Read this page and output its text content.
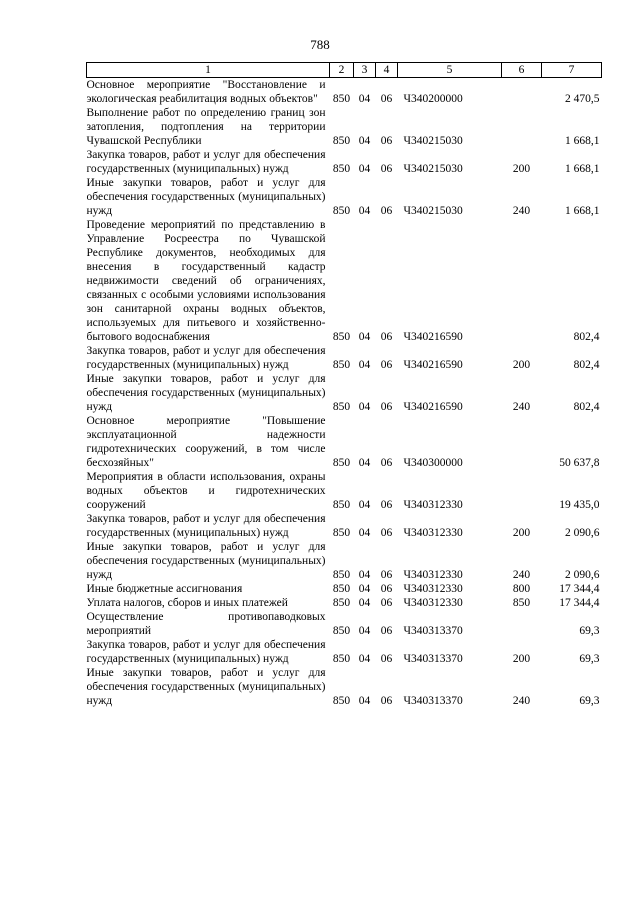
788
1	2	3	4	5	6	7
Основное мероприятие "Восстановление и экологическая реабилитация водных объектов"	850	04	06	Ч340200000		2 470,5
Выполнение работ по определению границ зон затопления, подтопления на территории Чувашской Республики	850	04	06	Ч340215030		1 668,1
Закупка товаров, работ и услуг для обеспечения государственных (муниципальных) нужд	850	04	06	Ч340215030	200	1 668,1
Иные закупки товаров, работ и услуг для обеспечения государственных (муниципальных) нужд	850	04	06	Ч340215030	240	1 668,1
Проведение мероприятий по представлению в Управление Росреестра по Чувашской Республике документов, необходимых для внесения в государственный кадастр недвижимости сведений об ограничениях, связанных с особыми условиями использования зон санитарной охраны водных объектов, используемых для питьевого и хозяйственно-бытового водоснабжения	850	04	06	Ч340216590		802,4
Закупка товаров, работ и услуг для обеспечения государственных (муниципальных) нужд	850	04	06	Ч340216590	200	802,4
Иные закупки товаров, работ и услуг для обеспечения государственных (муниципальных) нужд	850	04	06	Ч340216590	240	802,4
Основное мероприятие "Повышение эксплуатационной надежности гидротехнических сооружений, в том числе бесхозяйных"	850	04	06	Ч340300000		50 637,8
Мероприятия в области использования, охраны водных объектов и гидротехнических сооружений	850	04	06	Ч340312330		19 435,0
Закупка товаров, работ и услуг для обеспечения государственных (муниципальных) нужд	850	04	06	Ч340312330	200	2 090,6
Иные закупки товаров, работ и услуг для обеспечения государственных (муниципальных) нужд	850	04	06	Ч340312330	240	2 090,6
Иные бюджетные ассигнования	850	04	06	Ч340312330	800	17 344,4
Уплата налогов, сборов и иных платежей	850	04	06	Ч340312330	850	17 344,4
Осуществление противопаводковых мероприятий	850	04	06	Ч340313370		69,3
Закупка товаров, работ и услуг для обеспечения государственных (муниципальных) нужд	850	04	06	Ч340313370	200	69,3
Иные закупки товаров, работ и услуг для обеспечения государственных (муниципальных) нужд	850	04	06	Ч340313370	240	69,3
